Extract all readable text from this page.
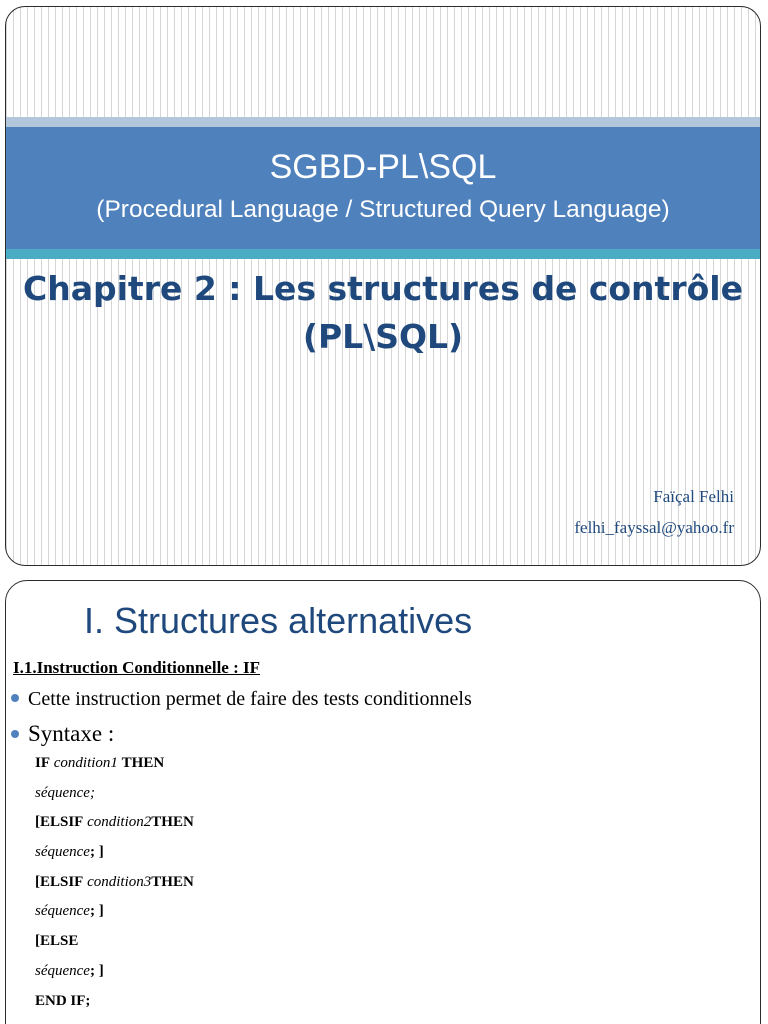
SGBD-PL\SQL
(Procedural Language / Structured Query Language)
Chapitre 2 : Les structures de contrôle
(PL\SQL)
Faïçal Felhi
felhi_fayssal@yahoo.fr
I. Structures alternatives
I.1.Instruction Conditionnelle : IF
Cette instruction permet de faire des tests conditionnels
Syntaxe :
IF condition1 THEN
séquence;
[ELSIF condition2THEN
séquence; ]
[ELSIF condition3THEN
séquence; ]
[ELSE
séquence; ]
END IF;
